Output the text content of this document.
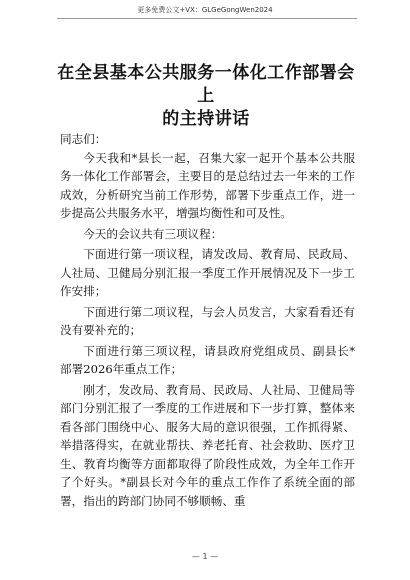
更多免费公文+VX：GLGeGongWen2024
在全县基本公共服务一体化工作部署会上
的主持讲话

同志们：

今天我和*县长一起，召集大家一起开个基本公共服务一体化工作部署会，主要目的是总结过去一年来的工作成效，分析研究当前工作形势，部署下步重点工作，进一步提高公共服务水平，增强均衡性和可及性。

今天的会议共有三项议程：

下面进行第一项议程，请发改局、教育局、民政局、人社局、卫健局分别汇报一季度工作开展情况及下一步工作安排；

下面进行第二项议程，与会人员发言，大家看看还有没有要补充的；

下面进行第三项议程，请县政府党组成员、副县长*部署2026年重点工作；

刚才，发改局、教育局、民政局、人社局、卫健局等部门分别汇报了一季度的工作进展和下一步打算，整体来看各部门围绕中心、服务大局的意识很强，工作抓得紧、举措落得实，在就业帮扶、养老托育、社会救助、医疗卫生、教育均衡等方面都取得了阶段性成效，为全年工作开了个好头。*副县长对今年的重点工作作了系统全面的部署，指出的跨部门协同不够顺畅、重

— 1 —
